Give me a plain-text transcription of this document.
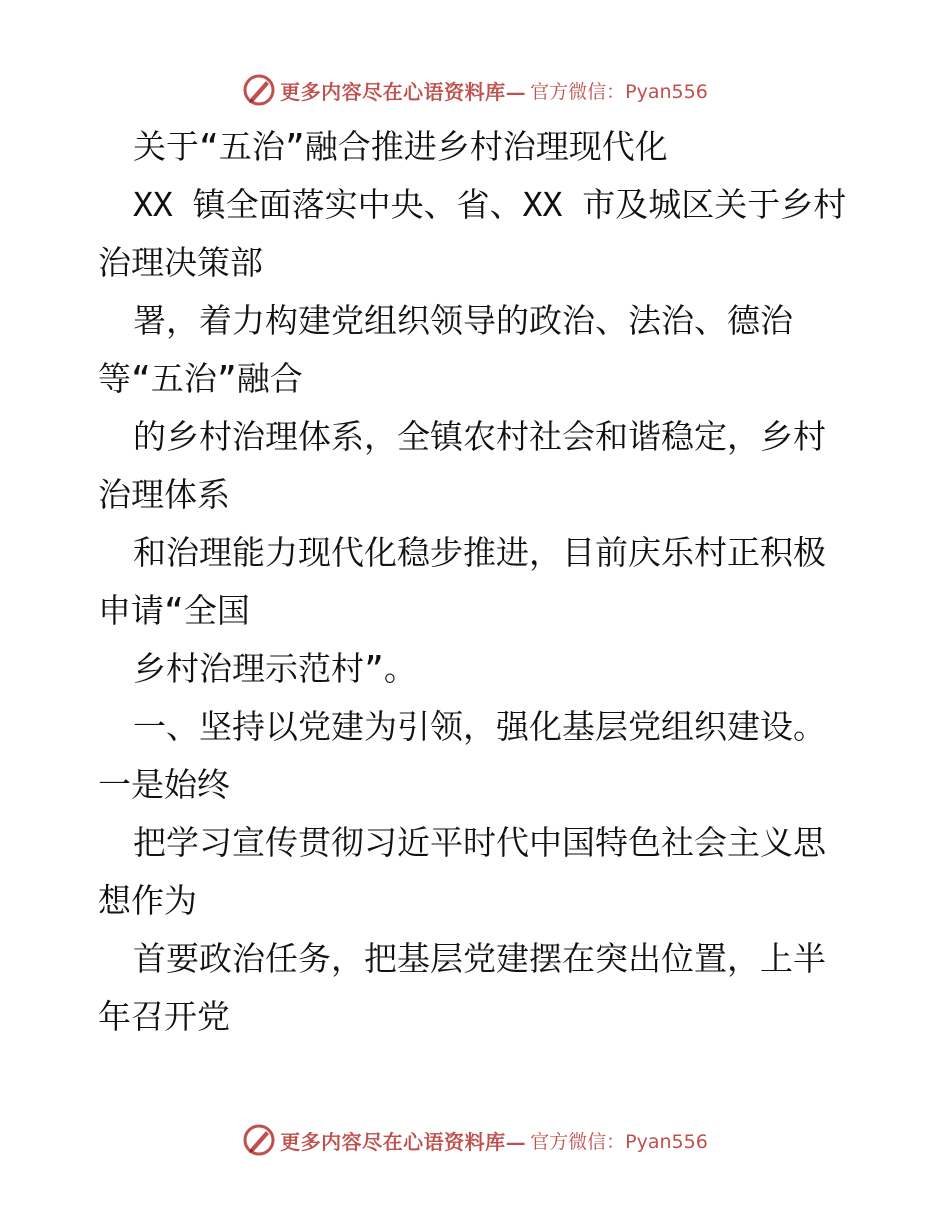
更多内容尽在心语资料库— 官方微信：Pyan556
关于“五治”融合推进乡村治理现代化
XX 镇全面落实中央、省、XX 市及城区关于乡村
治理决策部
署，着力构建党组织领导的政治、法治、德治
等“五治”融合
的乡村治理体系，全镇农村社会和谐稳定，乡村
治理体系
和治理能力现代化稳步推进，目前庆乐村正积极
申请“全国
乡村治理示范村”。
一、坚持以党建为引领，强化基层党组织建设。
一是始终
把学习宣传贯彻习近平时代中国特色社会主义思
想作为
首要政治任务，把基层党建摆在突出位置，上半
年召开党
更多内容尽在心语资料库— 官方微信：Pyan556
